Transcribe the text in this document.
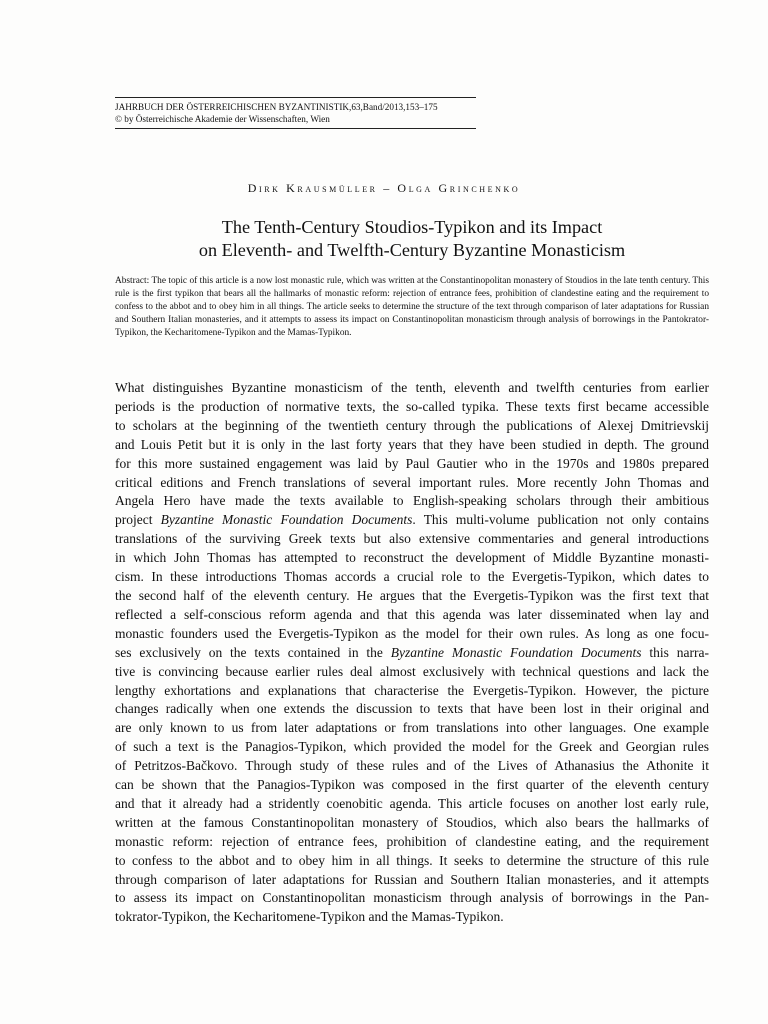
JAHRBUCH DER ÖSTERREICHISCHEN BYZANTINISTIK,63,Band/2013,153–175
© by Österreichische Akademie der Wissenschaften, Wien
Dirk Krausmüller – Olga Grinchenko
The Tenth-Century Stoudios-Typikon and its Impact
on Eleventh- and Twelfth-Century Byzantine Monasticism
Abstract: The topic of this article is a now lost monastic rule, which was written at the Constantinopolitan monastery of Stoudios in the late tenth century. This rule is the first typikon that bears all the hallmarks of monastic reform: rejection of entrance fees, prohibition of clandestine eating and the requirement to confess to the abbot and to obey him in all things. The article seeks to determine the structure of the text through comparison of later adaptations for Russian and Southern Italian monasteries, and it attempts to assess its impact on Constantinopolitan monasticism through analysis of borrowings in the Pantokrator-Typikon, the Kecharitomene-Typikon and the Mamas-Typikon.
What distinguishes Byzantine monasticism of the tenth, eleventh and twelfth centuries from earlier
periods is the production of normative texts, the so-called typika. These texts first became accessible
to scholars at the beginning of the twentieth century through the publications of Alexej Dmitrievskij
and Louis Petit but it is only in the last forty years that they have been studied in depth. The ground
for this more sustained engagement was laid by Paul Gautier who in the 1970s and 1980s prepared
critical editions and French translations of several important rules. More recently John Thomas and
Angela Hero have made the texts available to English-speaking scholars through their ambitious
project Byzantine Monastic Foundation Documents. This multi-volume publication not only contains
translations of the surviving Greek texts but also extensive commentaries and general introductions
in which John Thomas has attempted to reconstruct the development of Middle Byzantine monasti-
cism. In these introductions Thomas accords a crucial role to the Evergetis-Typikon, which dates to
the second half of the eleventh century. He argues that the Evergetis-Typikon was the first text that
reflected a self-conscious reform agenda and that this agenda was later disseminated when lay and
monastic founders used the Evergetis-Typikon as the model for their own rules. As long as one focu-
ses exclusively on the texts contained in the Byzantine Monastic Foundation Documents this narra-
tive is convincing because earlier rules deal almost exclusively with technical questions and lack the
lengthy exhortations and explanations that characterise the Evergetis-Typikon. However, the picture
changes radically when one extends the discussion to texts that have been lost in their original and
are only known to us from later adaptations or from translations into other languages. One example
of such a text is the Panagios-Typikon, which provided the model for the Greek and Georgian rules
of Petritzos-Bačkovo. Through study of these rules and of the Lives of Athanasius the Athonite it
can be shown that the Panagios-Typikon was composed in the first quarter of the eleventh century
and that it already had a stridently coenobitic agenda. This article focuses on another lost early rule,
written at the famous Constantinopolitan monastery of Stoudios, which also bears the hallmarks of
monastic reform: rejection of entrance fees, prohibition of clandestine eating, and the requirement
to confess to the abbot and to obey him in all things. It seeks to determine the structure of this rule
through comparison of later adaptations for Russian and Southern Italian monasteries, and it attempts
to assess its impact on Constantinopolitan monasticism through analysis of borrowings in the Pan-
tokrator-Typikon, the Kecharitomene-Typikon and the Mamas-Typikon.
